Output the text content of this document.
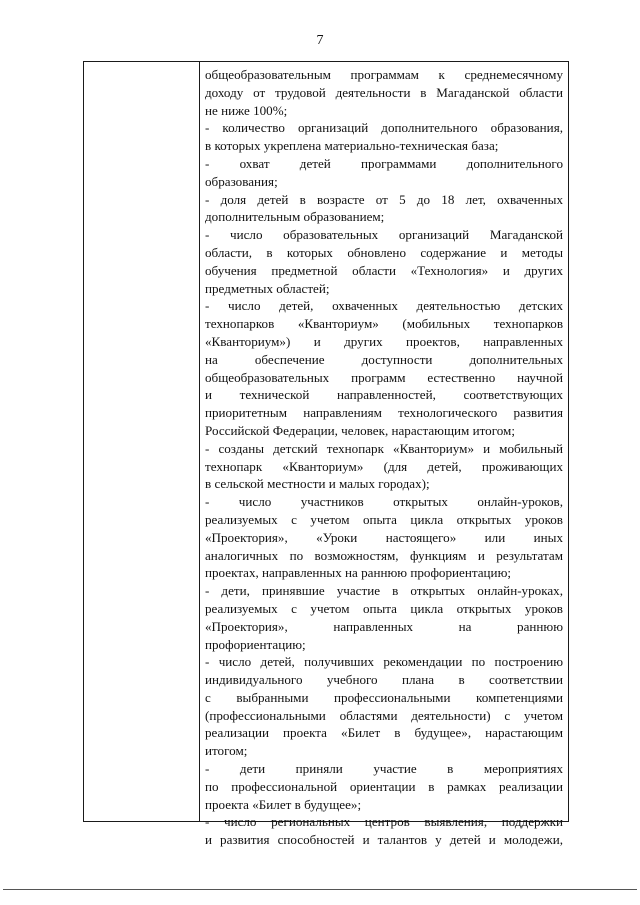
7
общеобразовательным программам к среднемесячному
доходу от трудовой деятельности в Магаданской области
не ниже 100%;
- количество организаций дополнительного образования,
в которых укреплена материально-техническая база;
- охват детей программами дополнительного
образования;
- доля детей в возрасте от 5 до 18 лет, охваченных
дополнительным образованием;
- число образовательных организаций Магаданской
области, в которых обновлено содержание и методы
обучения предметной области «Технология» и других
предметных областей;
- число детей, охваченных деятельностью детских
технопарков «Кванториум» (мобильных технопарков
«Кванториум») и других проектов, направленных
на обеспечение доступности дополнительных
общеобразовательных программ естественно научной
и технической направленностей, соответствующих
приоритетным направлениям технологического развития
Российской Федерации, человек, нарастающим итогом;
- созданы детский технопарк «Кванториум» и мобильный
технопарк «Кванториум» (для детей, проживающих
в сельской местности и малых городах);
- число участников открытых онлайн-уроков,
реализуемых с учетом опыта цикла открытых уроков
«Проектория», «Уроки настоящего» или иных
аналогичных по возможностям, функциям и результатам
проектах, направленных на раннюю профориентацию;
- дети, принявшие участие в открытых онлайн-уроках,
реализуемых с учетом опыта цикла открытых уроков
«Проектория», направленных на раннюю
профориентацию;
- число детей, получивших рекомендации по построению
индивидуального учебного плана в соответствии
с выбранными профессиональными компетенциями
(профессиональными областями деятельности) с учетом
реализации проекта «Билет в будущее», нарастающим
итогом;
- дети приняли участие в мероприятиях
по профессиональной ориентации в рамках реализации
проекта «Билет в будущее»;
- число региональных центров выявления, поддержки
и развития способностей и талантов у детей и молодежи,
